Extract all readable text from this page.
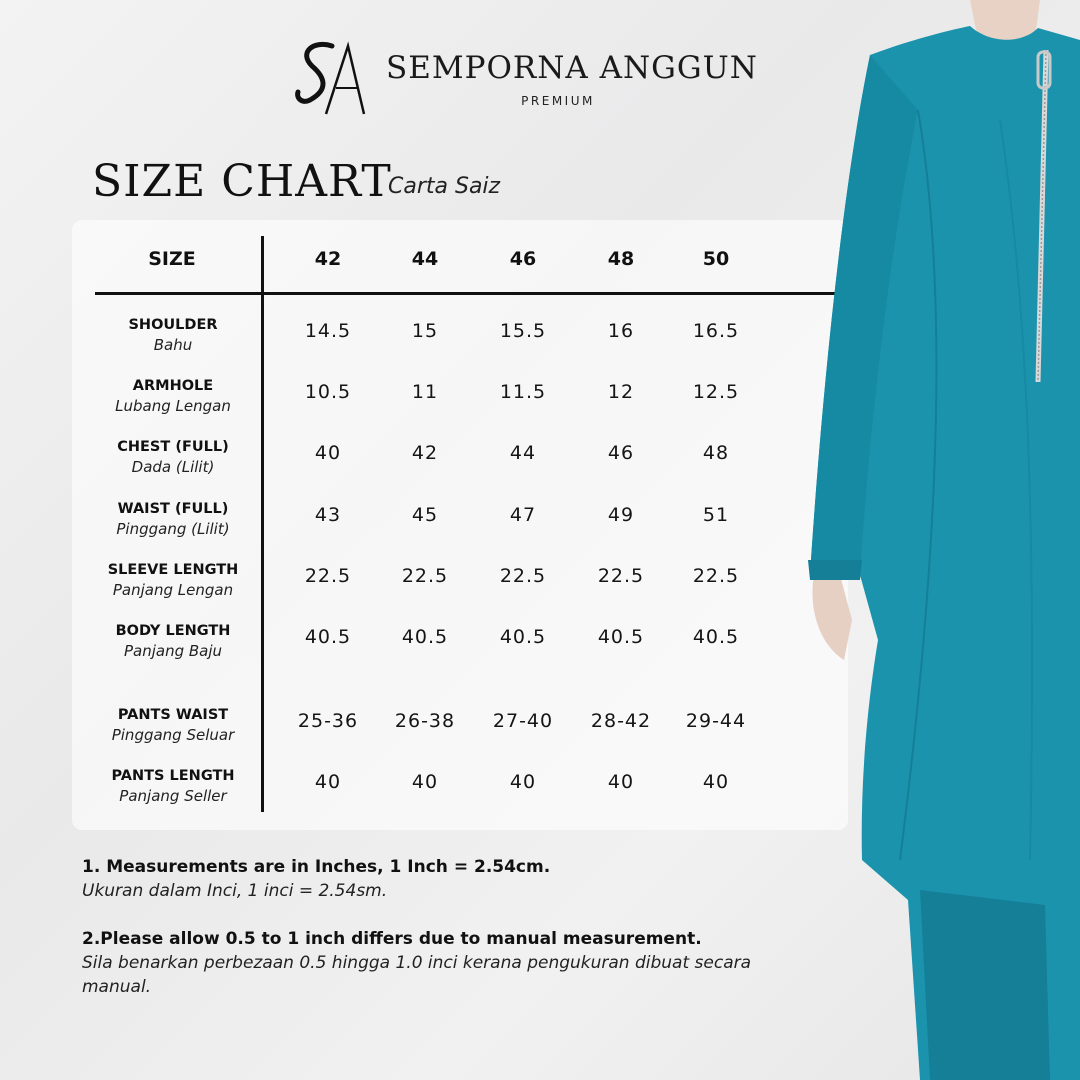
SEMPORNA ANGGUN
PREMIUM
SIZE CHART
Carta Saiz
SIZE	42	44	46	48	50
SHOULDER
Bahu
14.5	15	15.5	16	16.5
ARMHOLE
Lubang Lengan
10.5	11	11.5	12	12.5
CHEST (FULL)
Dada (Lilit)
40	42	44	46	48
WAIST (FULL)
Pinggang (Lilit)
43	45	47	49	51
SLEEVE LENGTH
Panjang Lengan
22.5	22.5	22.5	22.5	22.5
BODY LENGTH
Panjang Baju
40.5	40.5	40.5	40.5	40.5
PANTS WAIST
Pinggang Seluar
25-36	26-38	27-40	28-42	29-44
PANTS LENGTH
Panjang Seller
40	40	40	40	40
1. Measurements are in Inches, 1 Inch = 2.54cm.
Ukuran dalam Inci, 1 inci = 2.54sm.
2.Please allow 0.5 to 1 inch differs due to manual measurement.
Sila benarkan perbezaan 0.5 hingga 1.0 inci kerana pengukuran dibuat secara manual.
